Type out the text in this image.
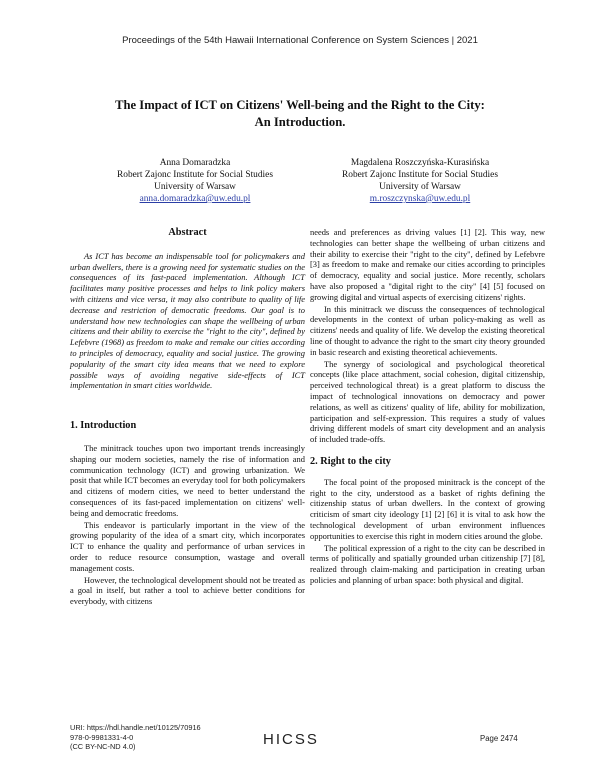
Proceedings of the 54th Hawaii International Conference on System Sciences | 2021
The Impact of ICT on Citizens' Well-being and the Right to the City:
An Introduction.
Anna Domaradzka
Robert Zajonc Institute for Social Studies
University of Warsaw
anna.domaradzka@uw.edu.pl
Magdalena Roszczyńska-Kurasińska
Robert Zajonc Institute for Social Studies
University of Warsaw
m.roszczynska@uw.edu.pl
Abstract

As ICT has become an indispensable tool for policymakers and urban dwellers, there is a growing need for systematic studies on the consequences of its fast-paced implementation. Although ICT facilitates many positive processes and helps to link policy makers with citizens and vice versa, it may also contribute to quality of life decrease and restriction of democratic freedoms. Our goal is to understand how new technologies can shape the wellbeing of urban citizens and their ability to exercise the "right to the city", defined by Lefebvre (1968) as freedom to make and remake our cities according to principles of democracy, equality and social justice. The growing popularity of the smart city idea means that we need to explore possible ways of avoiding negative side-effects of ICT implementation in smart cities worldwide.

1. Introduction

The minitrack touches upon two important trends increasingly shaping our modern societies, namely the rise of information and communication technology (ICT) and growing urbanization. We posit that while ICT becomes an everyday tool for both policymakers and citizens of modern cities, we need to better understand the consequences of its fast-paced implementation on citizens' well-being and democratic freedoms.

This endeavor is particularly important in the view of the growing popularity of the idea of a smart city, which incorporates ICT to enhance the quality and performance of urban services in order to reduce resource consumption, wastage and overall management costs.

However, the technological development should not be treated as a goal in itself, but rather a tool to achieve better conditions for everybody, with citizens

needs and preferences as driving values [1] [2]. This way, new technologies can better shape the wellbeing of urban citizens and their ability to exercise their "right to the city", defined by Lefebvre [3] as freedom to make and remake our cities according to principles of democracy, equality and social justice. More recently, scholars have also proposed a "digital right to the city" [4] [5] focused on growing digital and virtual aspects of exercising citizens' rights.

In this minitrack we discuss the consequences of technological developments in the context of urban policy-making as well as citizens' needs and quality of life. We develop the existing theoretical line of thought to advance the right to the smart city theory grounded in basic research and existing theoretical achievements.

The synergy of sociological and psychological theoretical concepts (like place attachment, social cohesion, digital citizenship, perceived technological threat) is a great platform to discuss the impact of technological innovations on democracy and power relations, as well as citizens' quality of life, ability for mobilization, participation and self-expression. This requires a study of values driving different models of smart city development and an analysis of included trade-offs.

2. Right to the city

The focal point of the proposed minitrack is the concept of the right to the city, understood as a basket of rights defining the citizenship status of urban dwellers. In the context of growing criticism of smart city ideology [1] [2] [6] it is vital to ask how the technological development of urban environment influences opportunities to exercise this right in modern cities around the globe.

The political expression of a right to the city can be described in terms of politically and spatially grounded urban citizenship [7] [8], realized through claim-making and participation in creating urban policies and planning of urban space: both physical and digital.

URI: https://hdl.handle.net/10125/70916
978-0-9981331-4-0
(CC BY-NC-ND 4.0)	HICSS	Page 2474
